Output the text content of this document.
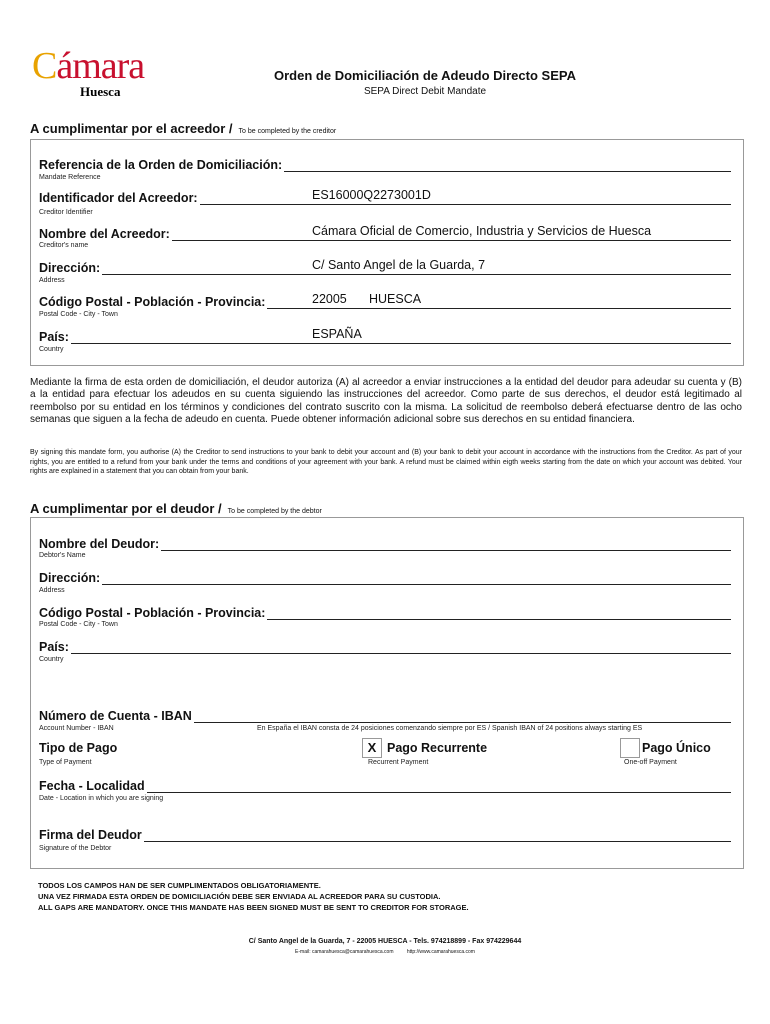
Cámara
Huesca
Orden de Domiciliación de Adeudo Directo SEPA
SEPA Direct Debit Mandate
A cumplimentar por el acreedor / To be completed by the creditor
Referencia de la Orden de Domiciliación:
Mandate Reference
Identificador del Acreedor:	ES16000Q2273001D
Creditor Identifier
Nombre del Acreedor:	Cámara Oficial de Comercio, Industria y Servicios de Huesca
Creditor's name
Dirección:	C/ Santo Angel de la Guarda, 7
Address
Código Postal - Población - Provincia:	22005 HUESCA
Postal Code - City - Town
País:	ESPAÑA
Country
Mediante la firma de esta orden de domiciliación, el deudor autoriza (A) al acreedor a enviar instrucciones a la entidad del deudor para adeudar su cuenta y (B) a la entidad para efectuar los adeudos en su cuenta siguiendo las instrucciones del acreedor. Como parte de sus derechos, el deudor está legitimado al reembolso por su entidad en los términos y condiciones del contrato suscrito con la misma. La solicitud de reembolso deberá efectuarse dentro de las ocho semanas que siguen a la fecha de adeudo en cuenta. Puede obtener información adicional sobre sus derechos en su entidad financiera.
By signing this mandate form, you authorise (A) the Creditor to send instructions to your bank to debit your account and (B) your bank to debit your account in accordance with the instructions from the Creditor. As part of your rights, you are entitled to a refund from your bank under the terms and conditions of your agreement with your bank. A refund must be claimed within eigth weeks starting from the date on which your account was debited. Your rights are explained in a statement that you can obtain from your bank.
A cumplimentar por el deudor / To be completed by the debtor
Nombre del Deudor:
Debtor's Name
Dirección:
Address
Código Postal - Población - Provincia:
Postal Code - City - Town
País:
Country
Número de Cuenta - IBAN
Account Number - IBAN	En España el IBAN consta de 24 posiciones comenzando siempre por ES / Spanish IBAN of 24 positions always starting ES
Tipo de Pago
Type of Payment
X Pago Recurrente
Recurrent Payment
Pago Único
One-off Payment
Fecha - Localidad
Date - Location in which you are signing
Firma del Deudor
Signature of the Debtor
TODOS LOS CAMPOS HAN DE SER CUMPLIMENTADOS OBLIGATORIAMENTE.
UNA VEZ FIRMADA ESTA ORDEN DE DOMICILIACIÓN DEBE SER ENVIADA AL ACREEDOR PARA SU CUSTODIA.
ALL GAPS ARE MANDATORY. ONCE THIS MANDATE HAS BEEN SIGNED MUST BE SENT TO CREDITOR FOR STORAGE.
C/ Santo Angel de la Guarda, 7 - 22005 HUESCA - Tels. 974218899 - Fax 974229644
E-mail: camarahuesca@camarahuesca.com	http://www.camarahuesca.com
